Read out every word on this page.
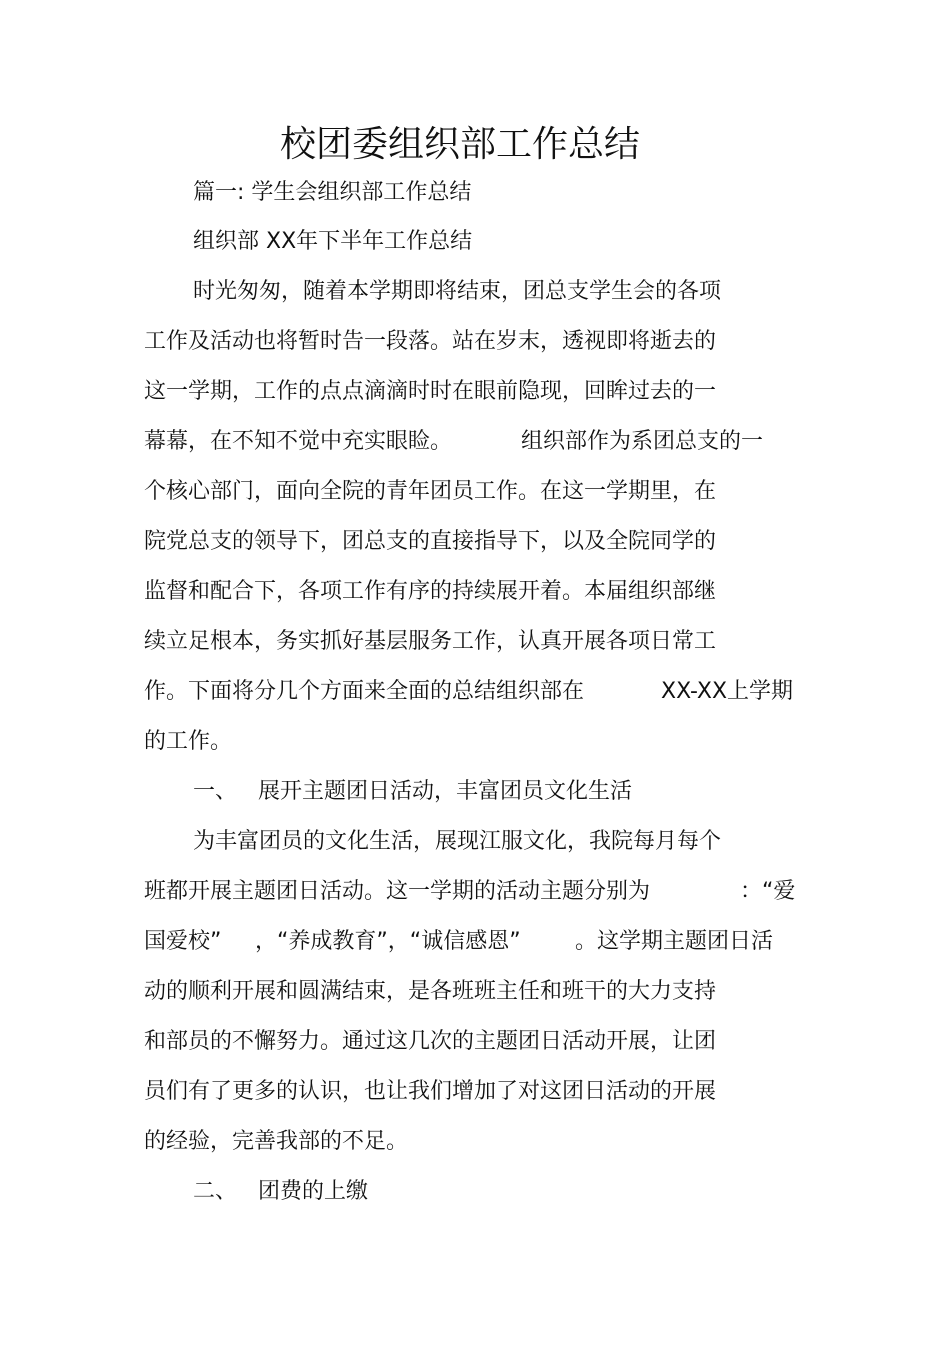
校团委组织部工作总结
篇一: 学生会组织部工作总结
组织部 XX年下半年工作总结
时光匆匆，随着本学期即将结束，团总支学生会的各项
工作及活动也将暂时告一段落。站在岁末，透视即将逝去的
这一学期，工作的点点滴滴时时在眼前隐现，回眸过去的一
幕幕，在不知不觉中充实眼睑。	组织部作为系团总支的一
个核心部门，面向全院的青年团员工作。在这一学期里，在
院党总支的领导下，团总支的直接指导下，以及全院同学的
监督和配合下，各项工作有序的持续展开着。本届组织部继
续立足根本，务实抓好基层服务工作，认真开展各项日常工
作。下面将分几个方面来全面的总结组织部在	XX-XX上学期
的工作。
一、 展开主题团日活动，丰富团员文化生活
为丰富团员的文化生活，展现江服文化，我院每月每个
班都开展主题团日活动。这一学期的活动主题分别为	：“爱
国爱校” ，“养成教育”，“诚信感恩” 。这学期主题团日活
动的顺利开展和圆满结束，是各班班主任和班干的大力支持
和部员的不懈努力。通过这几次的主题团日活动开展，让团
员们有了更多的认识，也让我们增加了对这团日活动的开展
的经验，完善我部的不足。
二、 团费的上缴
